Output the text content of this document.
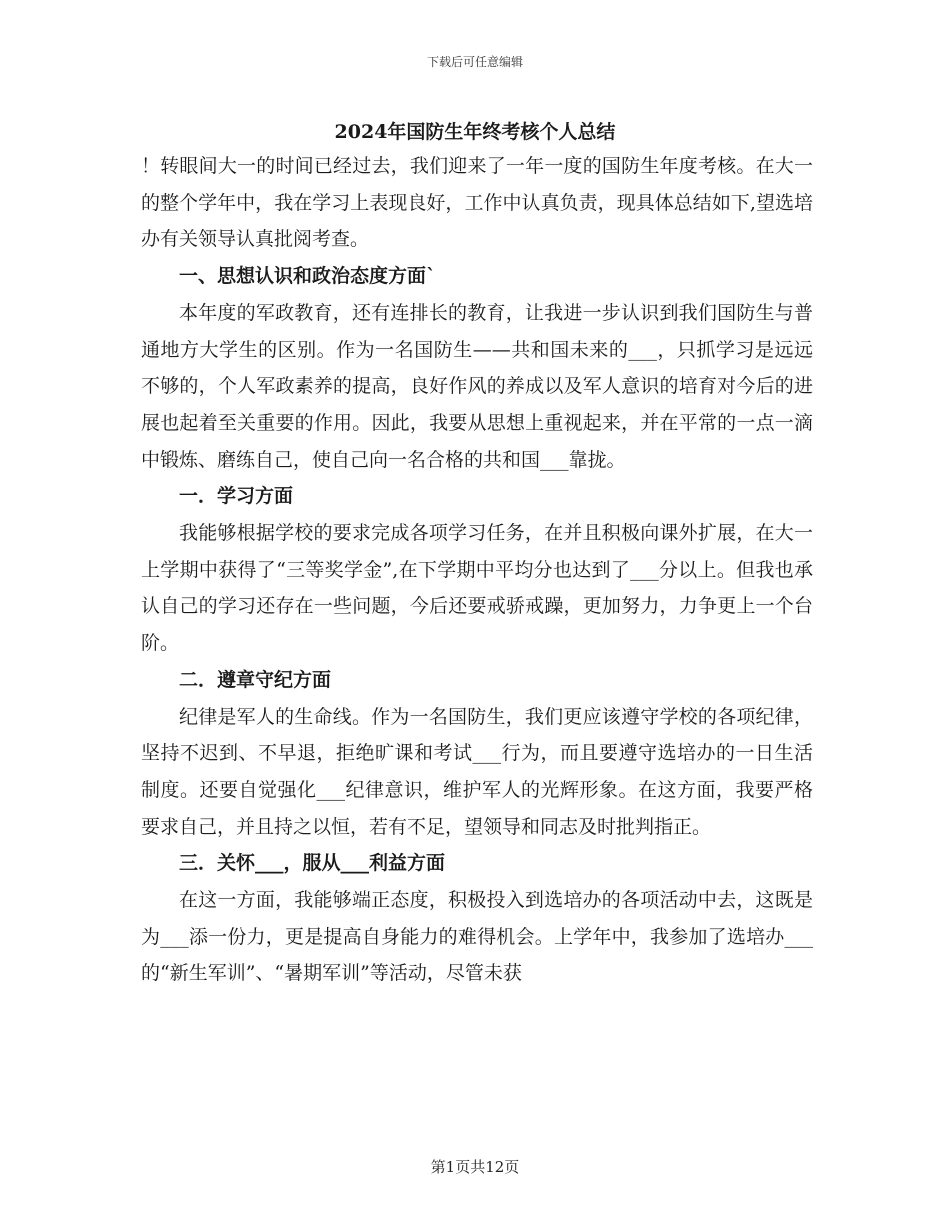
下载后可任意编辑
2024年国防生年终考核个人总结

！转眼间大一的时间已经过去，我们迎来了一年一度的国防生年度考核。在大一的整个学年中，我在学习上表现良好，工作中认真负责，现具体总结如下,望选培办有关领导认真批阅考查。

一、思想认识和政治态度方面`

本年度的军政教育，还有连排长的教育，让我进一步认识到我们国防生与普通地方大学生的区别。作为一名国防生——共和国未来的___，只抓学习是远远不够的，个人军政素养的提高，良好作风的养成以及军人意识的培育对今后的进展也起着至关重要的作用。因此，我要从思想上重视起来，并在平常的一点一滴中锻炼、磨练自己，使自己向一名合格的共和国___靠拢。

一．学习方面

我能够根据学校的要求完成各项学习任务，在并且积极向课外扩展，在大一上学期中获得了“三等奖学金”,在下学期中平均分也达到了___分以上。但我也承认自己的学习还存在一些问题，今后还要戒骄戒躁，更加努力，力争更上一个台阶。

二．遵章守纪方面

纪律是军人的生命线。作为一名国防生，我们更应该遵守学校的各项纪律，坚持不迟到、不早退，拒绝旷课和考试___行为，而且要遵守选培办的一日生活制度。还要自觉强化___纪律意识，维护军人的光辉形象。在这方面，我要严格要求自己，并且持之以恒，若有不足，望领导和同志及时批判指正。

三．关怀___，服从___利益方面

在这一方面，我能够端正态度，积极投入到选培办的各项活动中去，这既是为___添一份力，更是提高自身能力的难得机会。上学年中，我参加了选培办___的“新生军训”、“暑期军训”等活动，尽管未获

第1页共12页
